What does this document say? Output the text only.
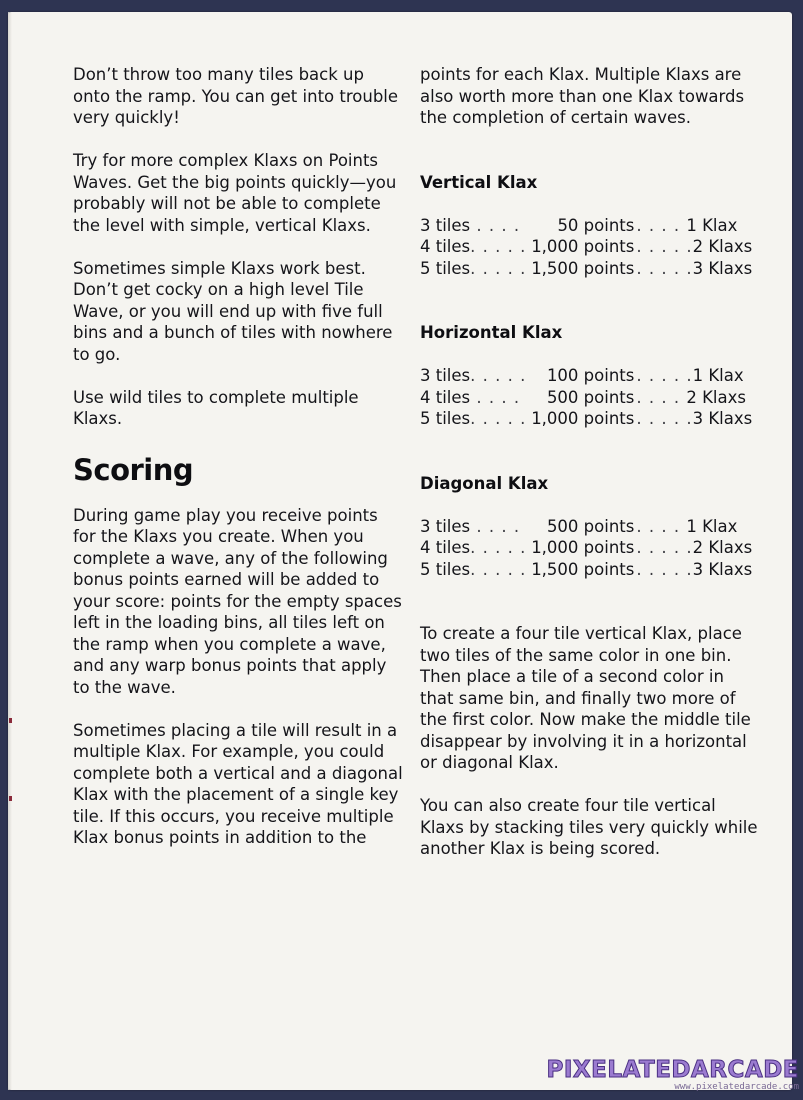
Don’t throw too many tiles back up onto the ramp. You can get into trouble very quickly!

Try for more complex Klaxs on Points Waves. Get the big points quickly—you probably will not be able to complete the level with simple, vertical Klaxs.

Sometimes simple Klaxs work best. Don’t get cocky on a high level Tile Wave, or you will end up with five full bins and a bunch of tiles with nowhere to go.

Use wild tiles to complete multiple Klaxs.

Scoring

During game play you receive points for the Klaxs you create. When you complete a wave, any of the following bonus points earned will be added to your score: points for the empty spaces left in the loading bins, all tiles left on the ramp when you complete a wave, and any warp bonus points that apply to the wave.

Sometimes placing a tile will result in a multiple Klax. For example, you could complete both a vertical and a diagonal Klax with the placement of a single key tile. If this occurs, you receive multiple Klax bonus points in addition to the

points for each Klax. Multiple Klaxs are also worth more than one Klax towards the completion of certain waves.

Vertical Klax
3 tiles . . . .	50 points	. . . . 1 Klax
4 tiles. . . . .	1,000 points	. . . . .2 Klaxs
5 tiles. . . . .	1,500 points	. . . . .3 Klaxs
Horizontal Klax
3 tiles. . . . .	100 points	. . . . .1 Klax
4 tiles . . . .	500 points	. . . . 2 Klaxs
5 tiles. . . . .	1,000 points	. . . . .3 Klaxs
Diagonal Klax
3 tiles . . . .	500 points	. . . . 1 Klax
4 tiles. . . . .	1,000 points	. . . . .2 Klaxs
5 tiles. . . . .	1,500 points	. . . . .3 Klaxs

To create a four tile vertical Klax, place two tiles of the same color in one bin. Then place a tile of a second color in that same bin, and finally two more of the first color. Now make the middle tile disappear by involving it in a horizontal or diagonal Klax.

You can also create four tile vertical Klaxs by stacking tiles very quickly while another Klax is being scored.

PIXELATEDARCADE
www.pixelatedarcade.com
